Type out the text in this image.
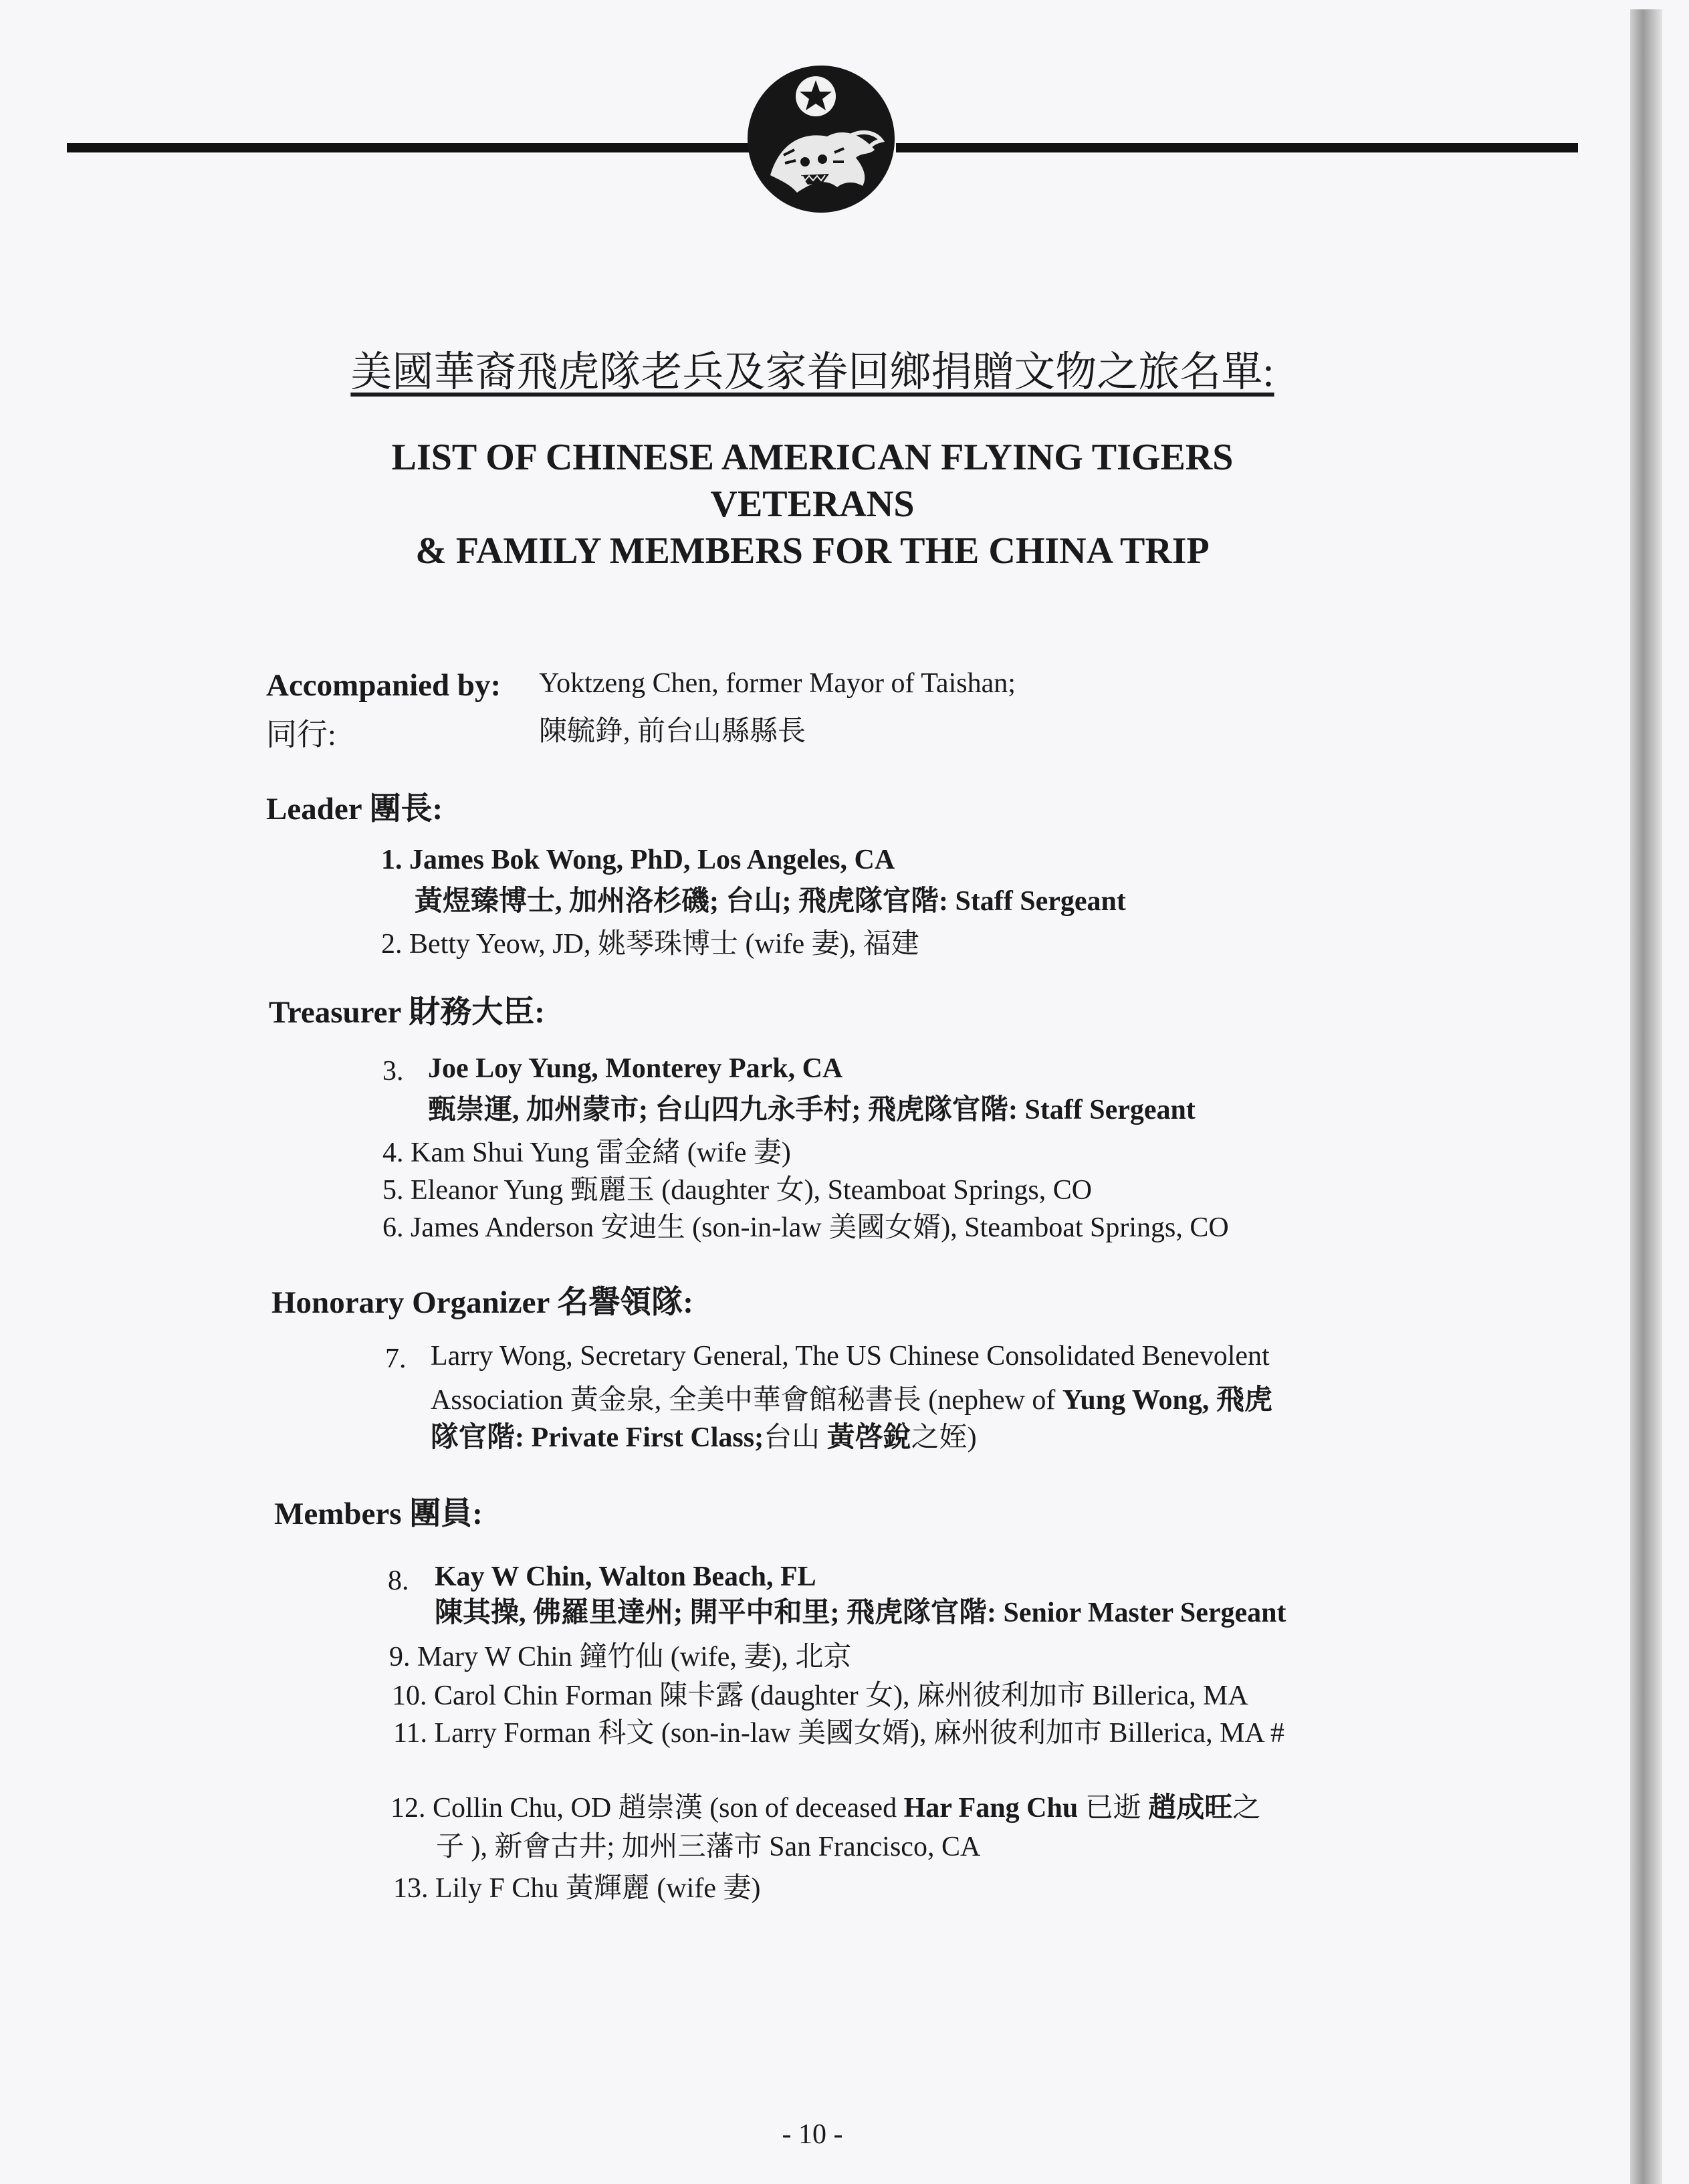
美國華裔飛虎隊老兵及家眷回鄉捐贈文物之旅名單:
LIST OF CHINESE AMERICAN FLYING TIGERS
VETERANS
& FAMILY MEMBERS FOR THE CHINA TRIP
Accompanied by: Yoktzeng Chen, former Mayor of Taishan;
同行:	陳毓錚, 前台山縣縣長
Leader 團長:
1. James Bok Wong, PhD, Los Angeles, CA
黃煜臻博士, 加州洛杉磯; 台山; 飛虎隊官階: Staff Sergeant
2. Betty Yeow, JD, 姚琴珠博士 (wife 妻), 福建
Treasurer 財務大臣:
3. Joe Loy Yung, Monterey Park, CA
甄崇運, 加州蒙市; 台山四九永手村; 飛虎隊官階: Staff Sergeant
4. Kam Shui Yung 雷金緒 (wife 妻)
5. Eleanor Yung 甄麗玉 (daughter 女), Steamboat Springs, CO
6. James Anderson 安迪生 (son-in-law 美國女婿), Steamboat Springs, CO
Honorary Organizer 名譽領隊:
7. Larry Wong, Secretary General, The US Chinese Consolidated Benevolent
Association 黃金泉, 全美中華會館秘書長 (nephew of Yung Wong, 飛虎
隊官階: Private First Class;台山 黃啓銳之姪)
Members 團員:
8. Kay W Chin, Walton Beach, FL
陳其操, 佛羅里達州; 開平中和里; 飛虎隊官階: Senior Master Sergeant
9. Mary W Chin 鐘竹仙 (wife, 妻), 北京
10. Carol Chin Forman 陳卡露 (daughter 女), 麻州彼利加市 Billerica, MA
11. Larry Forman 科文 (son-in-law 美國女婿), 麻州彼利加市 Billerica, MA #
12. Collin Chu, OD 趙崇漢 (son of deceased Har Fang Chu 已逝 趙成旺之
子 ), 新會古井; 加州三藩市 San Francisco, CA
13. Lily F Chu 黃輝麗 (wife 妻)
- 10 -
